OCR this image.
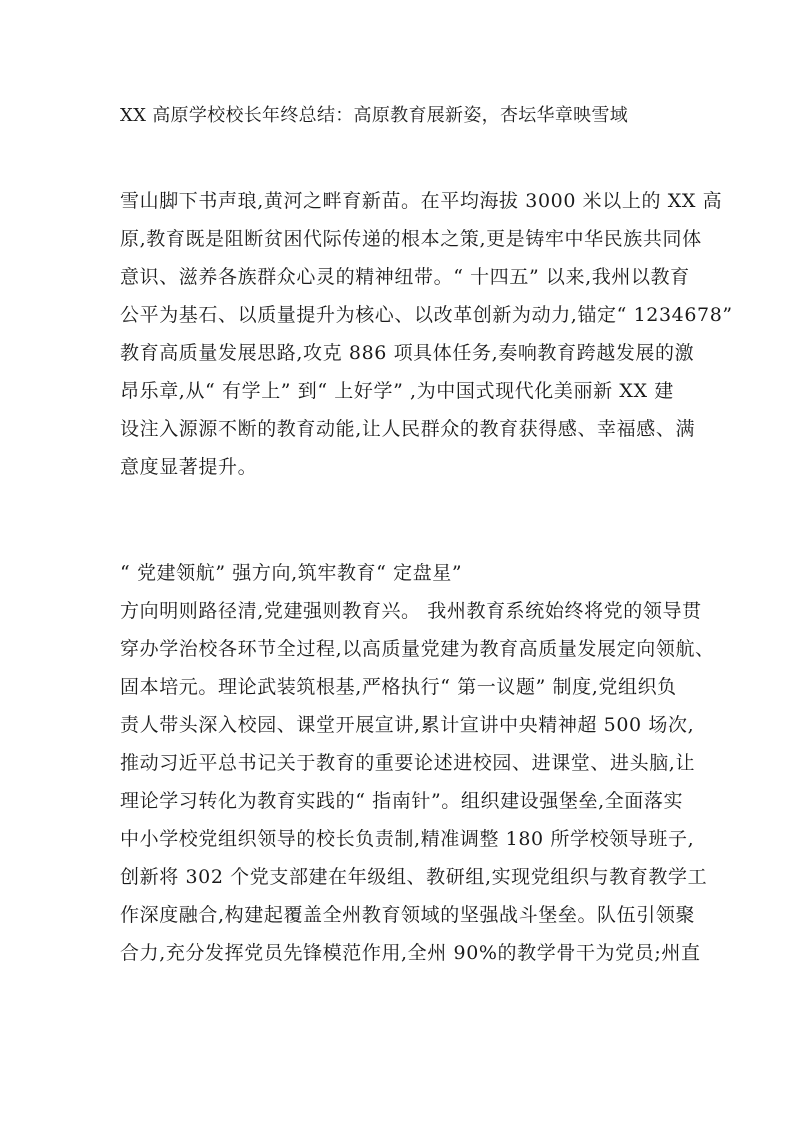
XX 高原学校校长年终总结：高原教育展新姿，杏坛华章映雪域
雪山脚下书声琅,黄河之畔育新苗。在平均海拔 3000 米以上的 XX 高
原,教育既是阻断贫困代际传递的根本之策,更是铸牢中华民族共同体
意识、滋养各族群众心灵的精神纽带。“ 十四五” 以来,我州以教育
公平为基石、以质量提升为核心、以改革创新为动力,锚定“ 1234678”
教育高质量发展思路,攻克 886 项具体任务,奏响教育跨越发展的激
昂乐章,从“ 有学上” 到“ 上好学” ,为中国式现代化美丽新 XX 建
设注入源源不断的教育动能,让人民群众的教育获得感、幸福感、满
意度显著提升。
“ 党建领航” 强方向,筑牢教育“ 定盘星”
方向明则路径清,党建强则教育兴。 我州教育系统始终将党的领导贯
穿办学治校各环节全过程,以高质量党建为教育高质量发展定向领航、
固本培元。理论武装筑根基,严格执行“ 第一议题” 制度,党组织负
责人带头深入校园、课堂开展宣讲,累计宣讲中央精神超 500 场次,
推动习近平总书记关于教育的重要论述进校园、进课堂、进头脑,让
理论学习转化为教育实践的“ 指南针”。组织建设强堡垒,全面落实
中小学校党组织领导的校长负责制,精准调整 180 所学校领导班子,
创新将 302 个党支部建在年级组、教研组,实现党组织与教育教学工
作深度融合,构建起覆盖全州教育领域的坚强战斗堡垒。队伍引领聚
合力,充分发挥党员先锋模范作用,全州 90%的教学骨干为党员;州直
